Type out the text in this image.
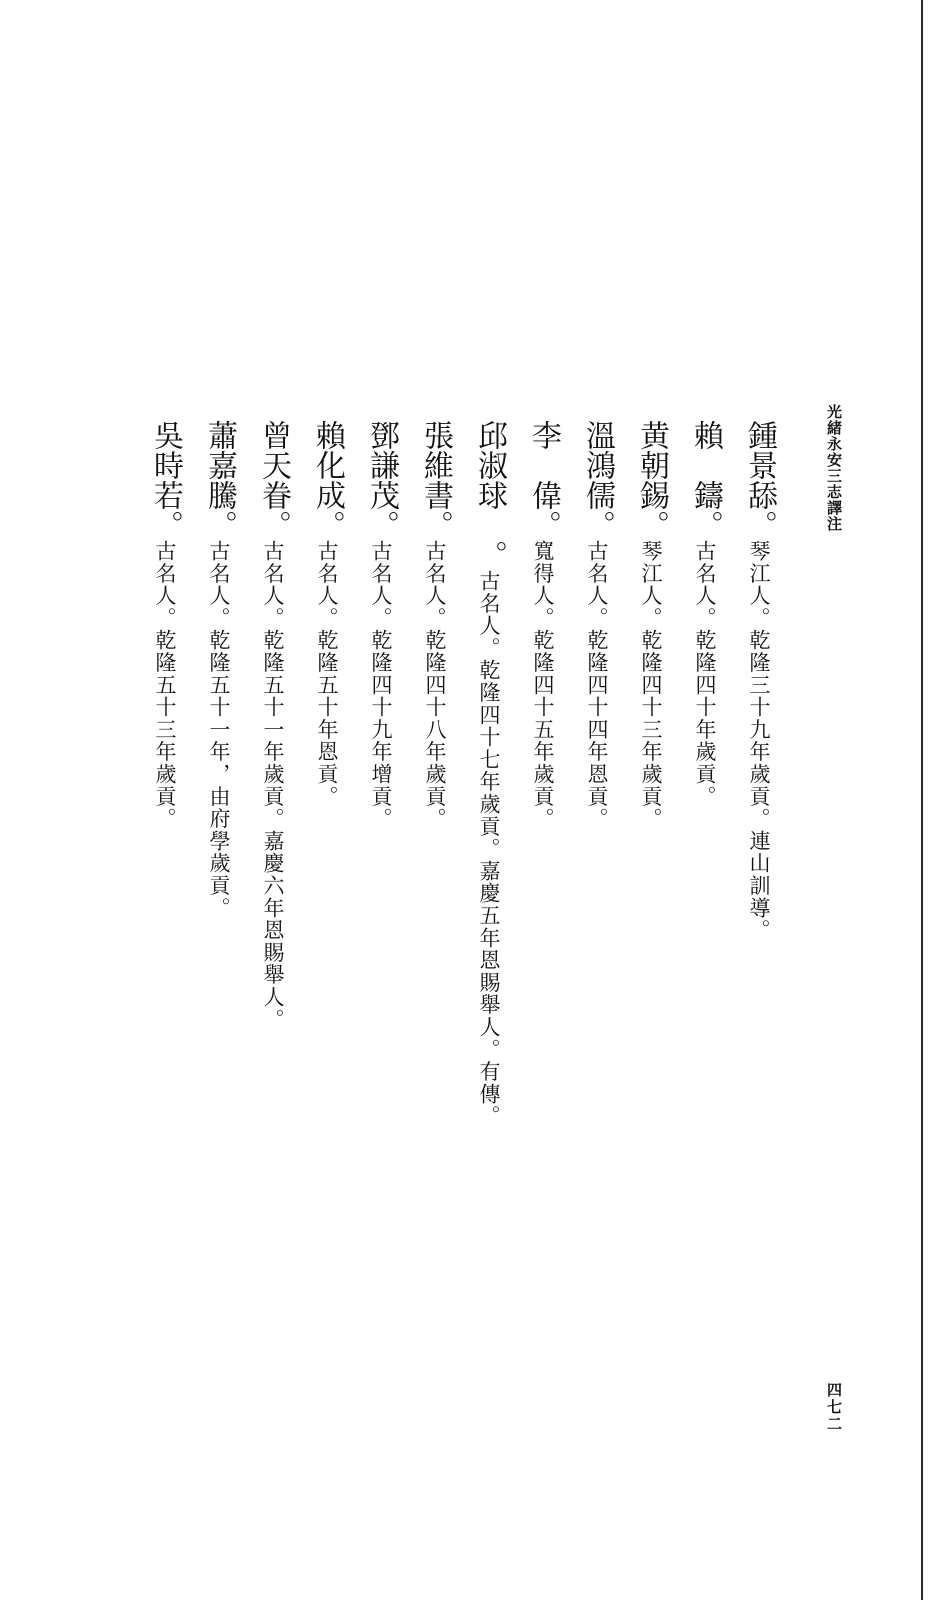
光緒永安三志譯注
鍾景舔。琴江人。乾隆三十九年歲貢。連山訓導。
賴　鑄。古名人。乾隆四十年歲貢。
黄朝錫。琴江人。乾隆四十三年歲貢。
溫鴻儒。古名人。乾隆四十四年恩貢。
李　偉。寬得人。乾隆四十五年歲貢。
邱淑球　。古名人。乾隆四十七年歲貢。嘉慶五年恩賜舉人。有傳。
張維書。古名人。乾隆四十八年歲貢。
鄧謙茂。古名人。乾隆四十九年增貢。
賴化成。古名人。乾隆五十年恩貢。
曾天眷。古名人。乾隆五十一年歲貢。嘉慶六年恩賜舉人。
蕭嘉騰。古名人。乾隆五十一年，由府學歲貢。
吳時若。古名人。乾隆五十三年歲貢。
四七二
